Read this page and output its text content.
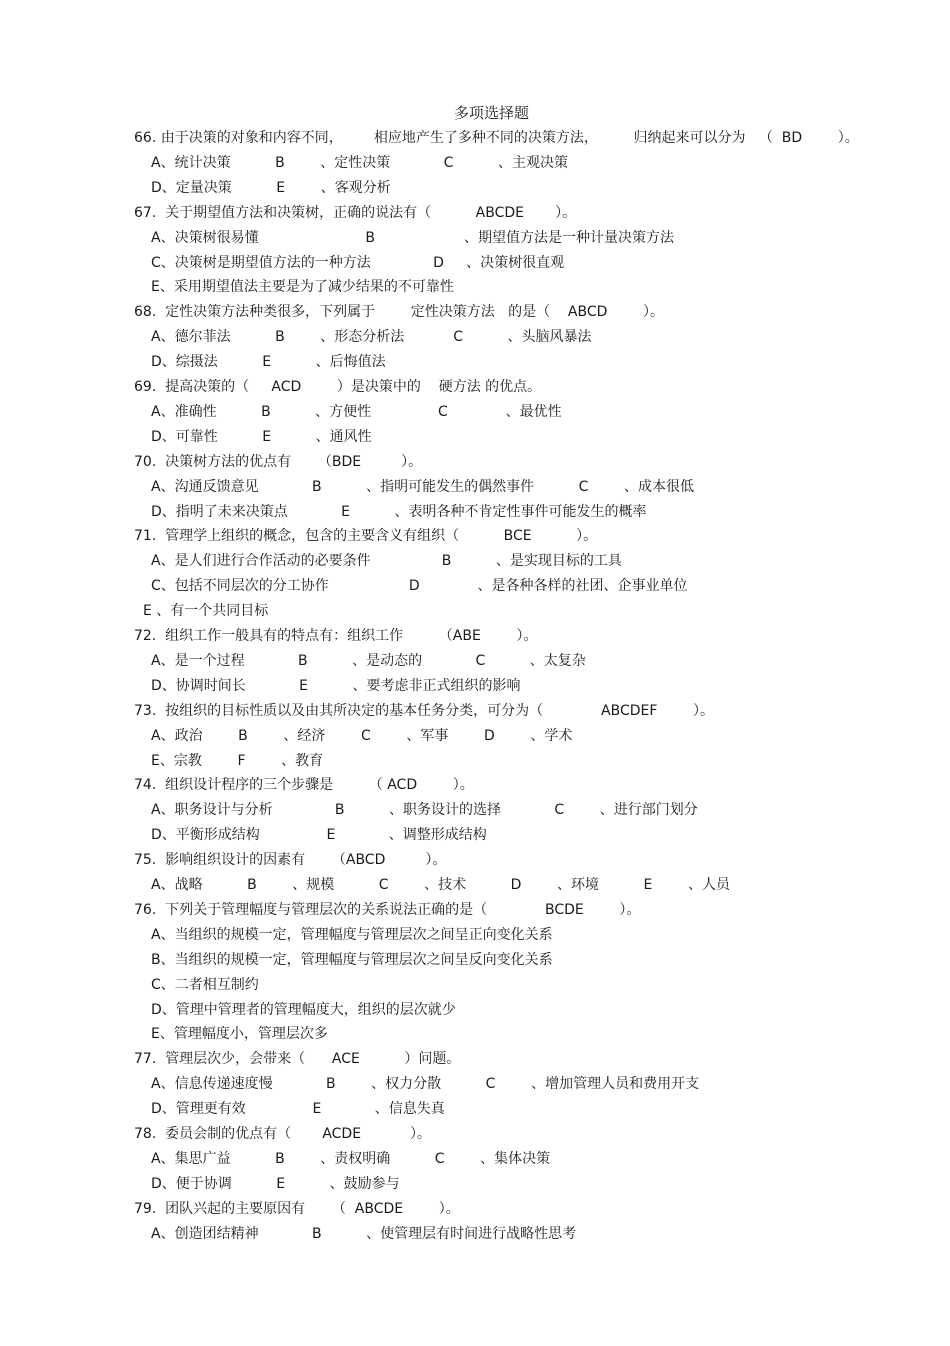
多项选择题
66. 由于决策的对象和内容不同，       相应地产生了多种不同的决策方法，        归纳起来可以分为   （  BD        ）。
A、统计决策          B        、定性决策            C          、主观决策
D、定量决策          E        、客观分析
67.  关于期望值方法和决策树，正确的说法有（          ABCDE       ）。
A、决策树很易懂                        B                    、期望值方法是一种计量决策方法
C、决策树是期望值方法的一种方法              D     、决策树很直观
E、采用期望值法主要是为了减少结果的不可靠性
68.  定性决策方法种类很多，下列属于        定性决策方法   的是（    ABCD        ）。
A、德尔菲法          B        、形态分析法           C          、头脑风暴法
D、综摄法          E          、后悔值法
69.  提高决策的（     ACD        ）是决策中的    硬方法 的优点。
A、准确性          B          、方便性               C             、最优性
D、可靠性          E          、通风性
70.  决策树方法的优点有      （BDE         ）。
A、沟通反馈意见            B          、指明可能发生的偶然事件          C        、成本很低
D、指明了未来决策点            E          、表明各种不肯定性事件可能发生的概率
71.  管理学上组织的概念，包含的主要含义有组织（          BCE          ）。
A、是人们进行合作活动的必要条件                B          、是实现目标的工具
C、包括不同层次的分工协作                  D             、是各种各样的社团、企事业单位
E 、有一个共同目标
72.  组织工作一般具有的特点有：组织工作        （ABE        ）。
A、是一个过程            B          、是动态的            C          、太复杂
D、协调时间长            E          、要考虑非正式组织的影响
73.  按组织的目标性质以及由其所决定的基本任务分类，可分为（             ABCDEF        ）。
A、政治        B        、经济        C        、军事        D        、学术
E、宗教        F        、教育
74.  组织设计程序的三个步骤是        （ ACD        ）。
A、职务设计与分析              B          、职务设计的选择            C        、进行部门划分
D、平衡形成结构               E            、调整形成结构
75.  影响组织设计的因素有      （ABCD         ）。
A、战略          B        、规模          C        、技术          D        、环境          E        、人员
76.  下列关于管理幅度与管理层次的关系说法正确的是（             BCDE        ）。
A、当组织的规模一定，管理幅度与管理层次之间呈正向变化关系
B、当组织的规模一定，管理幅度与管理层次之间呈反向变化关系
C、二者相互制约
D、管理中管理者的管理幅度大，组织的层次就少
E、管理幅度小，管理层次多
77.  管理层次少，会带来（      ACE          ）问题。
A、信息传递速度慢            B        、权力分散          C        、增加管理人员和费用开支
D、管理更有效               E            、信息失真
78.  委员会制的优点有（       ACDE           ）。
A、集思广益          B        、责权明确          C        、集体决策
D、便于协调          E          、鼓励参与
79.  团队兴起的主要原因有      （  ABCDE        ）。
A、创造团结精神            B          、使管理层有时间进行战略性思考
